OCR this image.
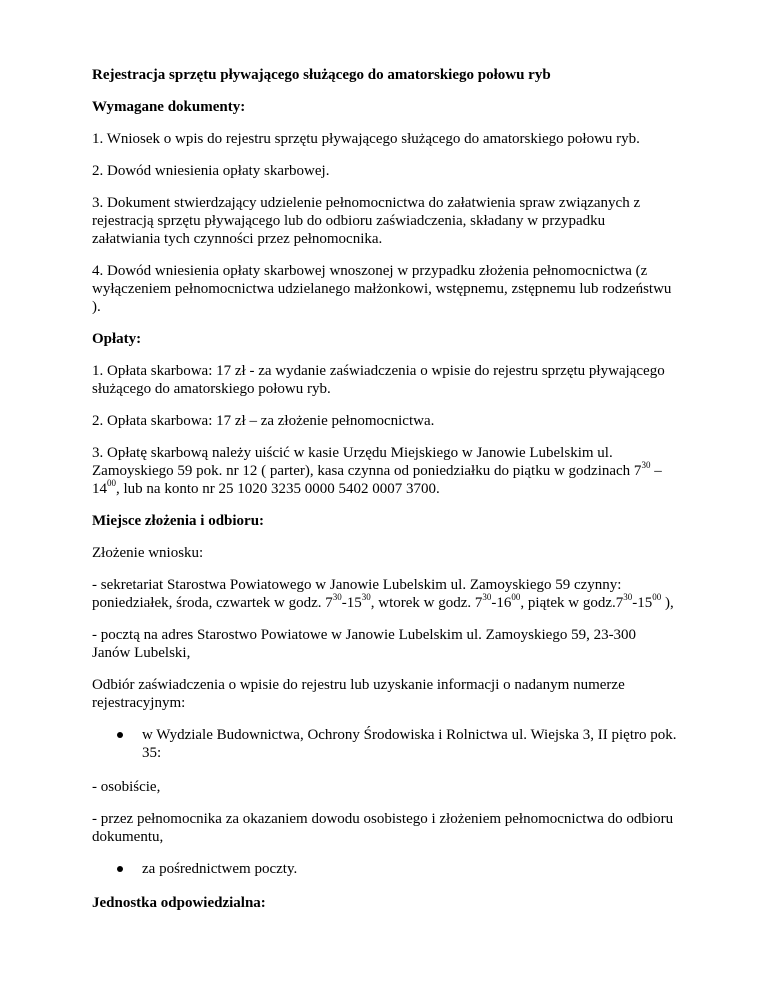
Rejestracja sprzętu pływającego służącego do amatorskiego połowu ryb

Wymagane dokumenty:

1. Wniosek o wpis do rejestru sprzętu pływającego służącego do amatorskiego połowu ryb.

2. Dowód wniesienia opłaty skarbowej.

3. Dokument stwierdzający udzielenie pełnomocnictwa do załatwienia spraw związanych z rejestracją sprzętu pływającego lub do odbioru zaświadczenia, składany w przypadku załatwiania tych czynności przez pełnomocnika.

4. Dowód wniesienia opłaty skarbowej wnoszonej w przypadku złożenia pełnomocnictwa (z wyłączeniem pełnomocnictwa udzielanego małżonkowi, wstępnemu, zstępnemu lub rodzeństwu ).

Opłaty:

1. Opłata skarbowa: 17 zł - za wydanie zaświadczenia o wpisie do rejestru sprzętu pływającego służącego do amatorskiego połowu ryb.

2. Opłata skarbowa: 17 zł – za złożenie pełnomocnictwa.

3. Opłatę skarbową należy uiścić w kasie Urzędu Miejskiego w Janowie Lubelskim ul. Zamoyskiego 59 pok. nr 12 ( parter), kasa czynna od poniedziałku do piątku w godzinach $7^{30} - 14^{00}$, lub na konto nr 25 1020 3235 0000 5402 0007 3700.

Miejsce złożenia i odbioru:

Złożenie wniosku:

- sekretariat Starostwa Powiatowego w Janowie Lubelskim ul. Zamoyskiego 59 czynny: poniedziałek, środa, czwartek w godz. $7^{30}-15^{30}$, wtorek w godz. $7^{30}-16^{00}$, piątek w $godz.7^{30}-15^{00}$ ),

- pocztą na adres Starostwo Powiatowe w Janowie Lubelskim ul. Zamoyskiego 59, 23-300 Janów Lubelski,

Odbiór zaświadczenia o wpisie do rejestru lub uzyskanie informacji o nadanym numerze rejestracyjnym:

w Wydziale Budownictwa, Ochrony Środowiska i Rolnictwa ul. Wiejska 3, II piętro pok. 35:

- osobiście,

- przez pełnomocnika za okazaniem dowodu osobistego i złożeniem pełnomocnictwa do odbioru dokumentu,

za pośrednictwem poczty.

Jednostka odpowiedzialna:
